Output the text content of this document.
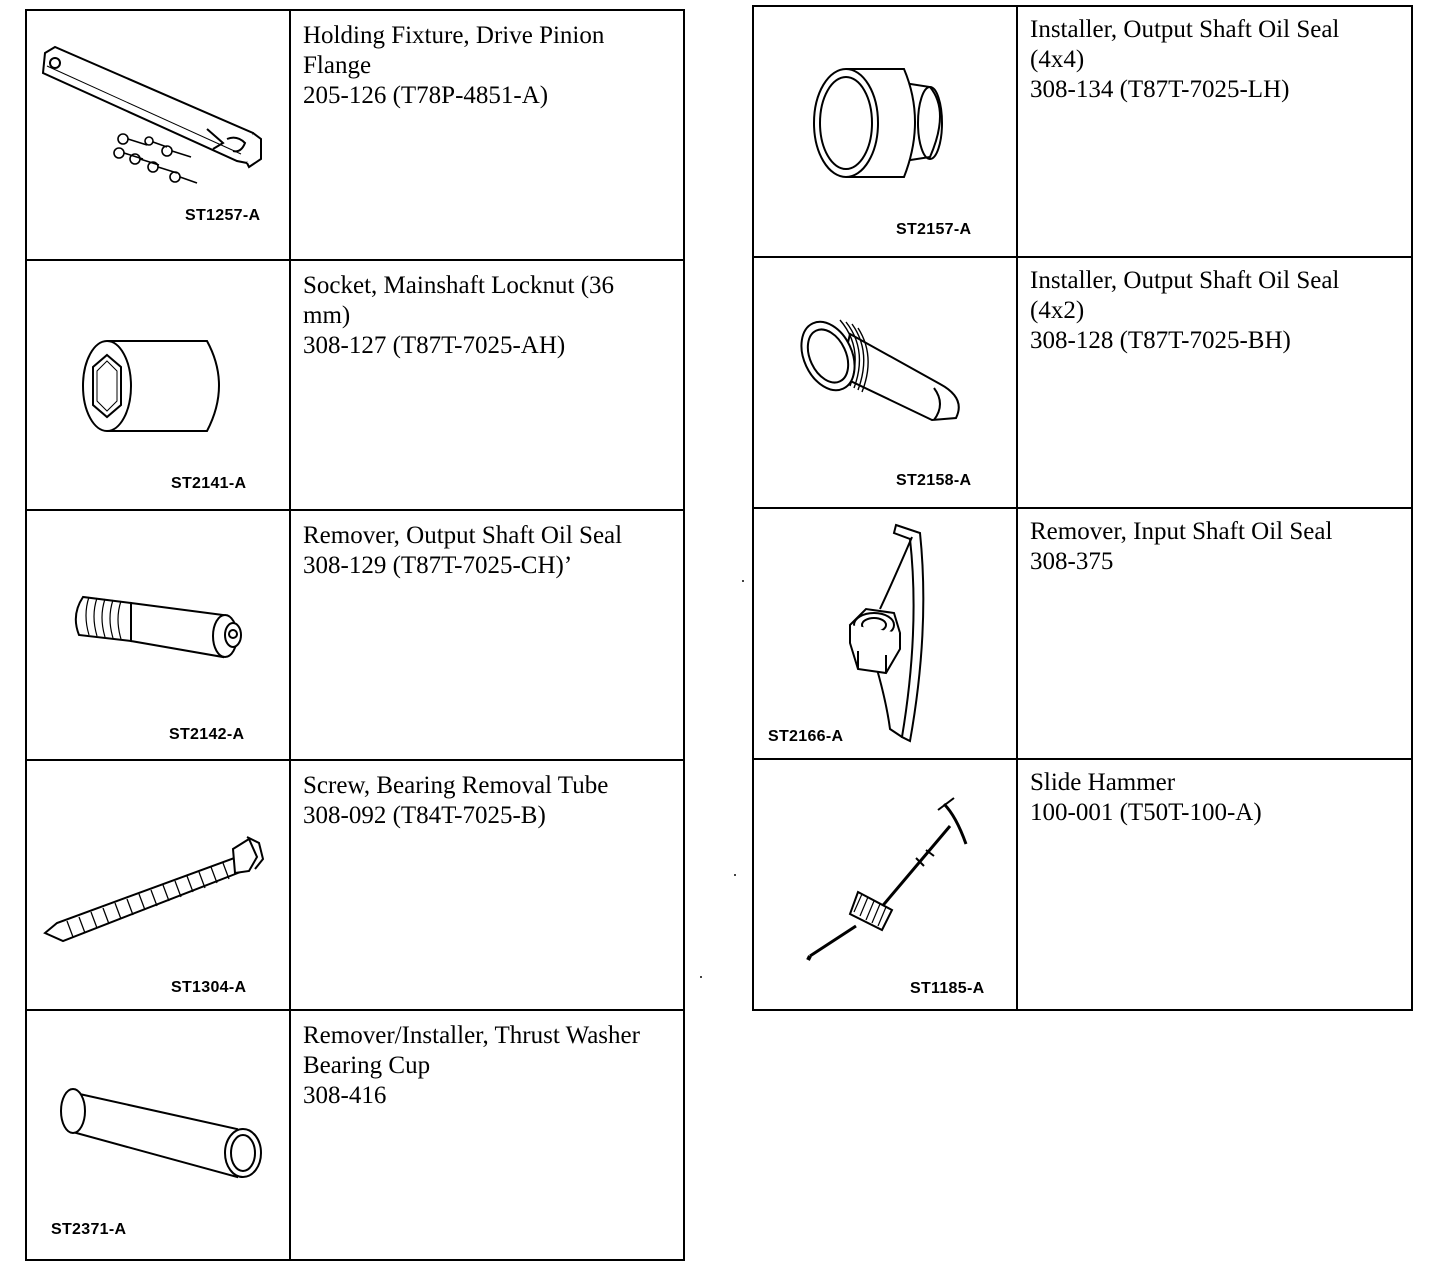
ST1257-A	Holding Fixture, Drive Pinion
Flange
205-126 (T78P-4851-A)

ST2141-A	Socket, Mainshaft Locknut (36
mm)
308-127 (T87T-7025-AH)

ST2142-A	Remover, Output Shaft Oil Seal
308-129 (T87T-7025-CH)’

ST1304-A	Screw, Bearing Removal Tube
308-092 (T84T-7025-B)

ST2371-A	Remover/Installer, Thrust Washer
Bearing Cup
308-416
ST2157-A	Installer, Output Shaft Oil Seal
(4x4)
308-134 (T87T-7025-LH)

ST2158-A	Installer, Output Shaft Oil Seal
(4x2)
308-128 (T87T-7025-BH)

ST2166-A	Remover, Input Shaft Oil Seal
308-375

ST1185-A	Slide Hammer
100-001 (T50T-100-A)
